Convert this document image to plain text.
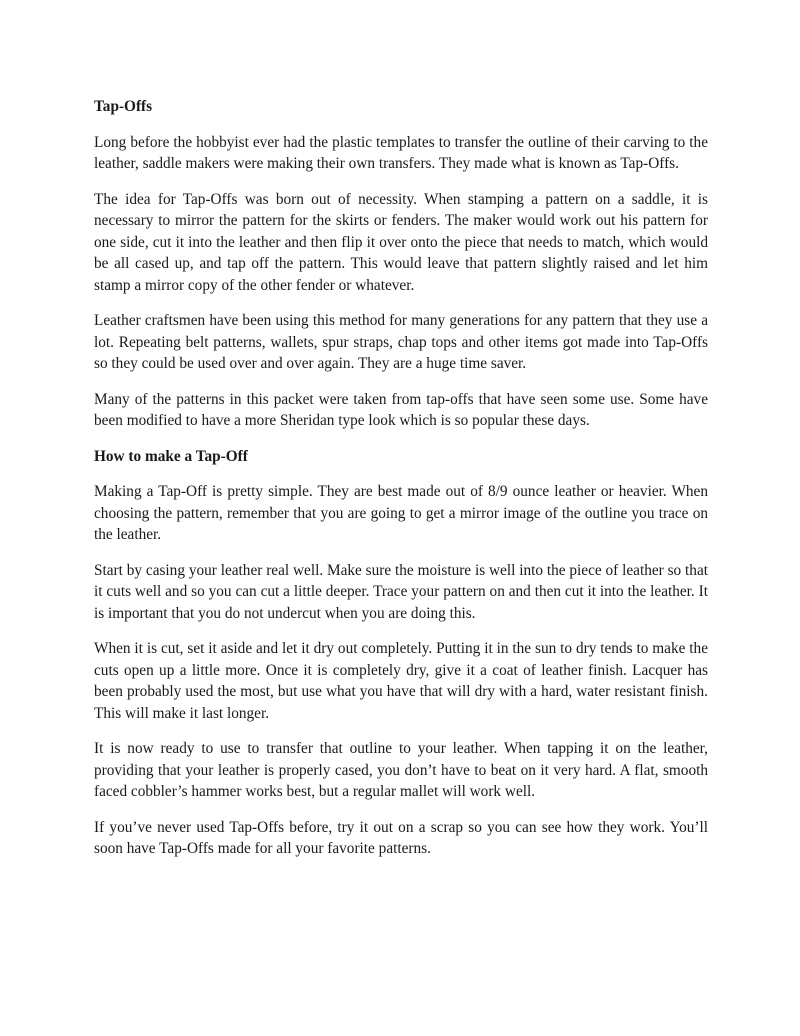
Tap-Offs

Long before the hobbyist ever had the plastic templates to transfer the outline of their carving to the leather, saddle makers were making their own transfers. They made what is known as Tap-Offs.

The idea for Tap-Offs was born out of necessity. When stamping a pattern on a saddle, it is necessary to mirror the pattern for the skirts or fenders. The maker would work out his pattern for one side, cut it into the leather and then flip it over onto the piece that needs to match, which would be all cased up, and tap off the pattern. This would leave that pattern slightly raised and let him stamp a mirror copy of the other fender or whatever.

Leather craftsmen have been using this method for many generations for any pattern that they use a lot. Repeating belt patterns, wallets, spur straps, chap tops and other items got made into Tap-Offs so they could be used over and over again. They are a huge time saver.

Many of the patterns in this packet were taken from tap-offs that have seen some use. Some have been modified to have a more Sheridan type look which is so popular these days.

How to make a Tap-Off

Making a Tap-Off is pretty simple. They are best made out of 8/9 ounce leather or heavier. When choosing the pattern, remember that you are going to get a mirror image of the outline you trace on the leather.

Start by casing your leather real well. Make sure the moisture is well into the piece of leather so that it cuts well and so you can cut a little deeper. Trace your pattern on and then cut it into the leather. It is important that you do not undercut when you are doing this.

When it is cut, set it aside and let it dry out completely. Putting it in the sun to dry tends to make the cuts open up a little more. Once it is completely dry, give it a coat of leather finish. Lacquer has been probably used the most, but use what you have that will dry with a hard, water resistant finish. This will make it last longer.

It is now ready to use to transfer that outline to your leather. When tapping it on the leather, providing that your leather is properly cased, you don’t have to beat on it very hard. A flat, smooth faced cobbler’s hammer works best, but a regular mallet will work well.

If you’ve never used Tap-Offs before, try it out on a scrap so you can see how they work. You’ll soon have Tap-Offs made for all your favorite patterns.
